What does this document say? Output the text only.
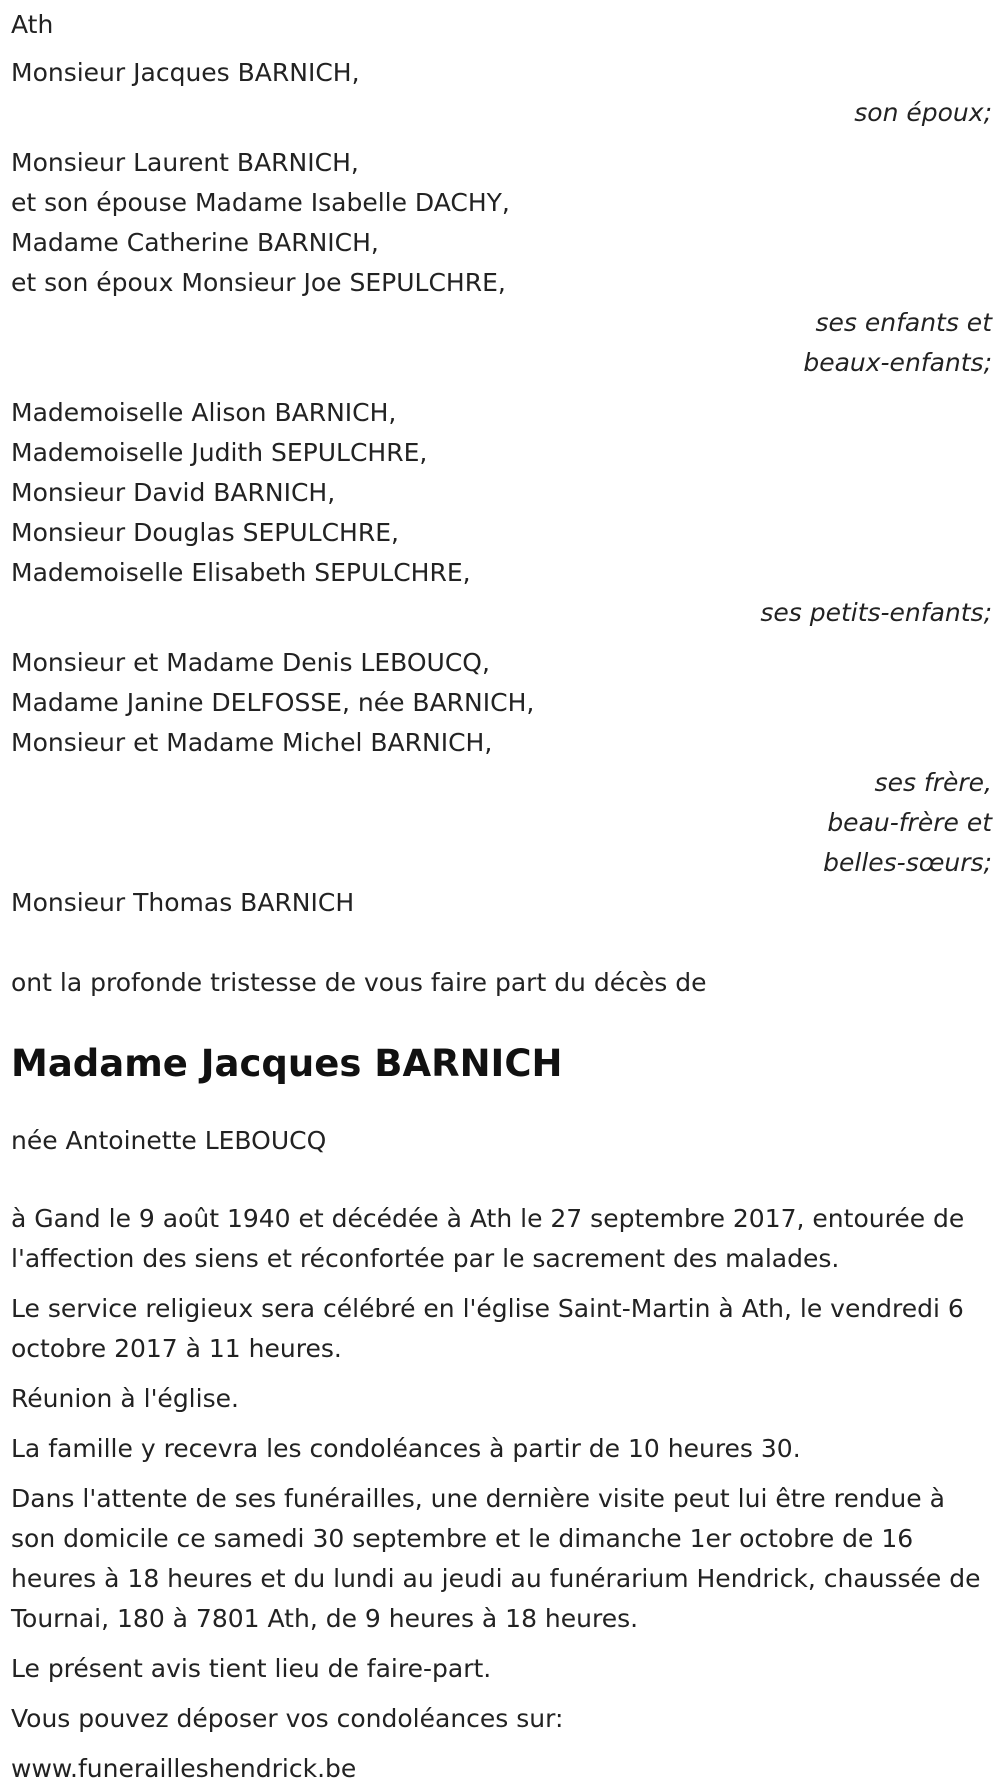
Ath
Monsieur Jacques BARNICH,
son époux;
Monsieur Laurent BARNICH,
et son épouse Madame Isabelle DACHY,
Madame Catherine BARNICH,
et son époux Monsieur Joe SEPULCHRE,
ses enfants et
beaux-enfants;
Mademoiselle Alison BARNICH,
Mademoiselle Judith SEPULCHRE,
Monsieur David BARNICH,
Monsieur Douglas SEPULCHRE,
Mademoiselle Elisabeth SEPULCHRE,
ses petits-enfants;
Monsieur et Madame Denis LEBOUCQ,
Madame Janine DELFOSSE, née BARNICH,
Monsieur et Madame Michel BARNICH,
ses frère,
beau-frère et
belles-sœurs;
Monsieur Thomas BARNICH
ont la profonde tristesse de vous faire part du décès de
Madame Jacques BARNICH
née Antoinette LEBOUCQ
à Gand le 9 août 1940 et décédée à Ath le 27 septembre 2017, entourée de l'affection des siens et réconfortée par le sacrement des malades.
Le service religieux sera célébré en l'église Saint-Martin à Ath, le vendredi 6 octobre 2017 à 11 heures.
Réunion à l'église.
La famille y recevra les condoléances à partir de 10 heures 30.
Dans l'attente de ses funérailles, une dernière visite peut lui être rendue à son domicile ce samedi 30 septembre et le dimanche 1er octobre de 16 heures à 18 heures et du lundi au jeudi au funérarium Hendrick, chaussée de Tournai, 180 à 7801 Ath, de 9 heures à 18 heures.
Le présent avis tient lieu de faire-part.
Vous pouvez déposer vos condoléances sur:
www.funerailleshendrick.be
